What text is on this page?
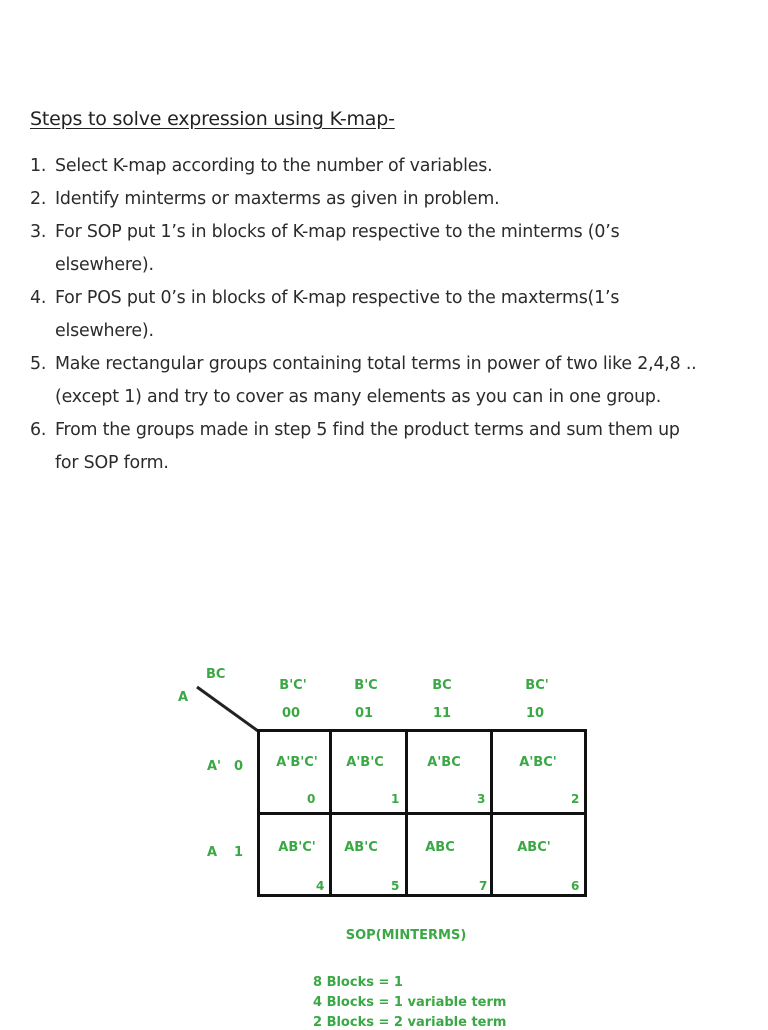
Steps to solve expression using K-map-
1. Select K-map according to the number of variables.
2. Identify minterms or maxterms as given in problem.
3. For SOP put 1’s in blocks of K-map respective to the minterms (0’s
elsewhere).
4. For POS put 0’s in blocks of K-map respective to the maxterms(1’s
elsewhere).
5. Make rectangular groups containing total terms in power of two like 2,4,8 ..
(except 1) and try to cover as many elements as you can in one group.
6. From the groups made in step 5 find the product terms and sum them up
for SOP form.
BC
A
B'C'
00
B'C
01
BC
11
BC'
10
A' 0
A 1
A'B'C'
0
A'B'C
1
A'BC
3
A'BC'
2
AB'C'
4
AB'C
5
ABC
7
ABC'
6
SOP(MINTERMS)
8 Blocks = 1
4 Blocks = 1 variable term
2 Blocks = 2 variable term
